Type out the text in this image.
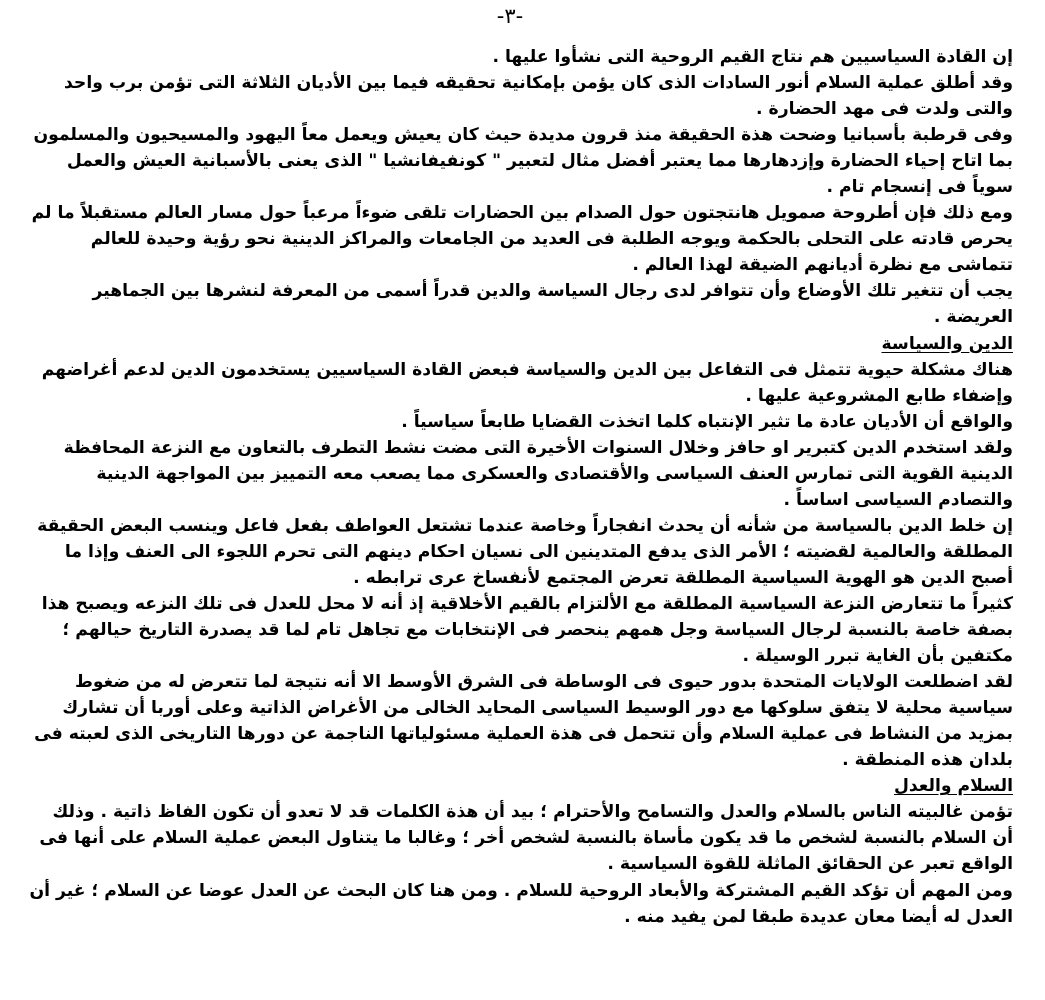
-٣-

إن القادة السياسيين هم نتاج القيم الروحية التى نشأوا عليها .

وقد أطلق عملية السلام أنور السادات الذى كان يؤمن بإمكانية تحقيقه فيما بين الأديان الثلاثة التى تؤمن برب واحد والتى ولدت فى مهد الحضارة .

وفى قرطبة بأسبانيا وضحت هذة الحقيقة منذ قرون مديدة حيث كان يعيش ويعمل معاً اليهود والمسيحيون والمسلمون بما اتاح إحياء الحضارة وإزدهارها مما يعتبر أفضل مثال لتعبير " كونفيفانشيا " الذى يعنى بالأسبانية العيش والعمل سوياً فى إنسجام تام .

ومع ذلك فإن أطروحة صمويل هانتجتون حول الصدام بين الحضارات تلقى ضوءاً مرعباً حول مسار العالم مستقبلاً ما لم يحرص قادته على التحلى بالحكمة ويوجه الطلبة فى العديد من الجامعات والمراكز الدينية نحو رؤية وحيدة للعالم تتماشى مع نظرة أديانهم الضيقة لهذا العالم .

يجب أن تتغير تلك الأوضاع وأن تتوافر لدى رجال السياسة والدين قدراً أسمى من المعرفة لنشرها بين الجماهير العريضة .

الدين والسياسة

هناك مشكلة حيوية تتمثل فى التفاعل بين الدين والسياسة فبعض القادة السياسيين يستخدمون الدين لدعم أغراضهم وإضفاء طابع المشروعية عليها .

والواقع أن الأديان عادة ما تثير الإنتباه كلما اتخذت القضايا طابعاً سياسياً .

ولقد استخدم الدين كتبرير او حافز وخلال السنوات الأخيرة التى مضت نشط التطرف بالتعاون مع النزعة المحافظة الدينية القوية التى تمارس العنف السياسى والأقتصادى والعسكرى مما يصعب معه التمييز بين المواجهة الدينية والتصادم السياسى اساساً .

إن خلط الدين بالسياسة من شأنه أن يحدث انفجاراً وخاصة عندما تشتعل العواطف بفعل فاعل وينسب البعض الحقيقة المطلقة والعالمية لقضيته ؛ الأمر الذى يدفع المتدينين الى نسيان احكام دينهم التى تحرم اللجوء الى العنف وإذا ما أصبح الدين هو الهوية السياسية المطلقة تعرض المجتمع لأنفساخ عرى ترابطه .

كثيراً ما تتعارض النزعة السياسية المطلقة مع الألتزام بالقيم الأخلاقية إذ أنه لا محل للعدل فى تلك النزعه ويصبح هذا بصفة خاصة بالنسبة لرجال السياسة وجل همهم ينحصر فى الإنتخابات مع تجاهل تام لما قد يصدرة التاريخ حيالهم ؛ مكتفين بأن الغاية تبرر الوسيلة .

لقد اضطلعت الولايات المتحدة بدور حيوى فى الوساطة فى الشرق الأوسط الا أنه نتيجة لما تتعرض له من ضغوط سياسية محلية لا يتفق سلوكها مع دور الوسيط السياسى المحايد الخالى من الأغراض الذاتية وعلى أوربا أن تشارك بمزيد من النشاط فى عملية السلام وأن تتحمل فى هذة العملية مسئولياتها الناجمة عن دورها التاريخى الذى لعبته فى بلدان هذه المنطقة .

السلام والعدل

تؤمن غالبيته الناس بالسلام والعدل والتسامح والأحترام ؛ بيد أن هذة الكلمات قد لا تعدو أن تكون الفاظ ذاتية . وذلك أن السلام بالنسبة لشخص ما قد يكون مأساة بالنسبة لشخص أخر ؛ وغالبا ما يتناول البعض عملية السلام على أنها فى الواقع تعبر عن الحقائق الماثلة للقوة السياسية .

ومن المهم أن تؤكد القيم المشتركة والأبعاد الروحية للسلام . ومن هنا كان البحث عن العدل عوضا عن السلام ؛ غير أن العدل له أيضا معان عديدة طبقا لمن يفيد منه .
